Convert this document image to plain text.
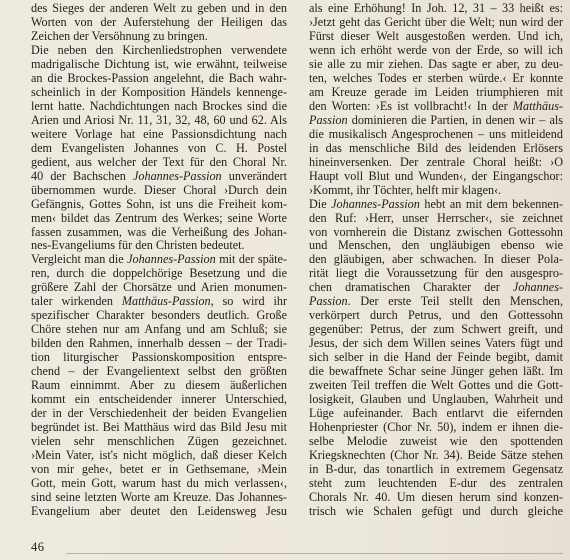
des Sieges der anderen Welt zu geben und in den
Worten von der Auferstehung der Heiligen das
Zeichen der Versöhnung zu bringen.
Die neben den Kirchenliedstrophen verwendete
madrigalische Dichtung ist, wie erwähnt, teilweise
an die Brockes-Passion angelehnt, die Bach wahr-
scheinlich in der Komposition Händels kennenge-
lernt hatte. Nachdichtungen nach Brockes sind die
Arien und Ariosi Nr. 11, 31, 32, 48, 60 und 62. Als
weitere Vorlage hat eine Passionsdichtung nach
dem Evangelisten Johannes von C. H. Postel
gedient, aus welcher der Text für den Choral Nr.
40 der Bachschen Johannes-Passion unverändert
übernommen wurde. Dieser Choral ›Durch dein
Gefängnis, Gottes Sohn, ist uns die Freiheit kom-
men‹ bildet das Zentrum des Werkes; seine Worte
fassen zusammen, was die Verheißung des Johan-
nes-Evangeliums für den Christen bedeutet.
Vergleicht man die Johannes-Passion mit der späte-
ren, durch die doppelchörige Besetzung und die
größere Zahl der Chorsätze und Arien monumen-
taler wirkenden Matthäus-Passion, so wird ihr
spezifischer Charakter besonders deutlich. Große
Chöre stehen nur am Anfang und am Schluß; sie
bilden den Rahmen, innerhalb dessen – der Tradi-
tion liturgischer Passionskomposition entspre-
chend – der Evangelientext selbst den größten
Raum einnimmt. Aber zu diesem äußerlichen
kommt ein entscheidender innerer Unterschied,
der in der Verschiedenheit der beiden Evangelien
begründet ist. Bei Matthäus wird das Bild Jesu mit
vielen sehr menschlichen Zügen gezeichnet.
›Mein Vater, ist's nicht möglich, daß dieser Kelch
von mir gehe‹, betet er in Gethsemane, ›Mein
Gott, mein Gott, warum hast du mich verlassen‹,
sind seine letzten Worte am Kreuze. Das Johannes-
Evangelium aber deutet den Leidensweg Jesu
als eine Erhöhung! In Joh. 12, 31 – 33 heißt es:
›Jetzt geht das Gericht über die Welt; nun wird der
Fürst dieser Welt ausgestoßen werden. Und ich,
wenn ich erhöht werde von der Erde, so will ich
sie alle zu mir ziehen. Das sagte er aber, zu deu-
ten, welches Todes er sterben würde.‹ Er konnte
am Kreuze gerade im Leiden triumphieren mit
den Worten: ›Es ist vollbracht!‹ In der Matthäus-
Passion dominieren die Partien, in denen wir – als
die musikalisch Angesprochenen – uns mitleidend
in das menschliche Bild des leidenden Erlösers
hineinversenken. Der zentrale Choral heißt: ›O
Haupt voll Blut und Wunden‹, der Eingangschor:
›Kommt, ihr Töchter, helft mir klagen‹.
Die Johannes-Passion hebt an mit dem bekennen-
den Ruf: ›Herr, unser Herrscher‹, sie zeichnet
von vornherein die Distanz zwischen Gottessohn
und Menschen, den ungläubigen ebenso wie
den gläubigen, aber schwachen. In dieser Pola-
rität liegt die Voraussetzung für den ausgespro-
chen dramatischen Charakter der Johannes-
Passion. Der erste Teil stellt den Menschen,
verkörpert durch Petrus, und den Gottessohn
gegenüber: Petrus, der zum Schwert greift, und
Jesus, der sich dem Willen seines Vaters fügt und
sich selber in die Hand der Feinde begibt, damit
die bewaffnete Schar seine Jünger gehen läßt. Im
zweiten Teil treffen die Welt Gottes und die Gott-
losigkeit, Glauben und Unglauben, Wahrheit und
Lüge aufeinander. Bach entlarvt die eifernden
Hohenpriester (Chor Nr. 50), indem er ihnen die-
selbe Melodie zuweist wie den spottenden
Kriegsknechten (Chor Nr. 34). Beide Sätze stehen
in B-dur, das tonartlich in extremem Gegensatz
steht zum leuchtenden E-dur des zentralen
Chorals Nr. 40. Um diesen herum sind konzen-
trisch wie Schalen gefügt und durch gleiche
46
